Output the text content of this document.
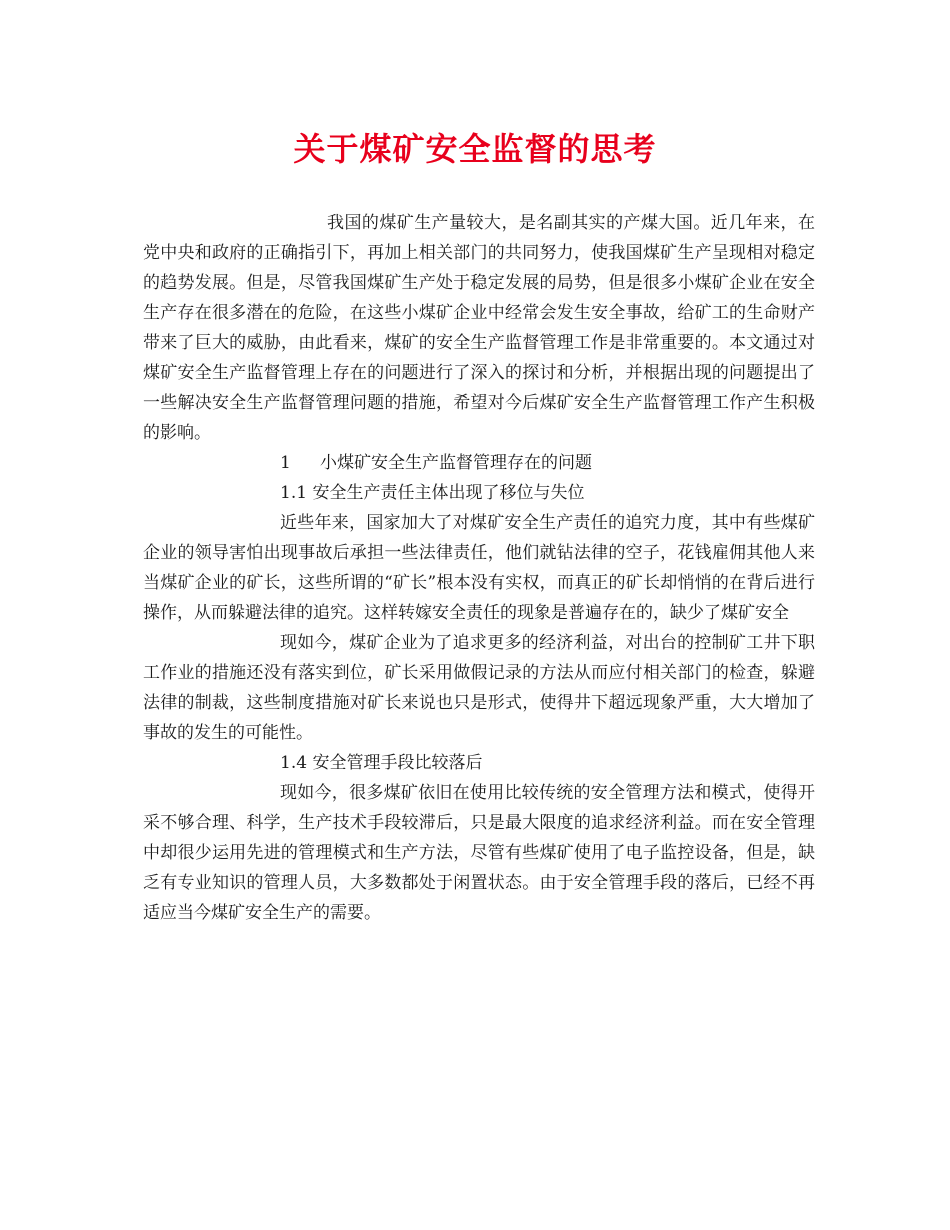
关于煤矿安全监督的思考

我国的煤矿生产量较大，是名副其实的产煤大国。近几年来，在党中央和政府的正确指引下，再加上相关部门的共同努力，使我国煤矿生产呈现相对稳定的趋势发展。但是，尽管我国煤矿生产处于稳定发展的局势，但是很多小煤矿企业在安全生产存在很多潜在的危险，在这些小煤矿企业中经常会发生安全事故，给矿工的生命财产带来了巨大的威胁，由此看来，煤矿的安全生产监督管理工作是非常重要的。本文通过对煤矿安全生产监督管理上存在的问题进行了深入的探讨和分析，并根据出现的问题提出了一些解决安全生产监督管理问题的措施，希望对今后煤矿安全生产监督管理工作产生积极的影响。

1 小煤矿安全生产监督管理存在的问题

1.1 安全生产责任主体出现了移位与失位

近些年来，国家加大了对煤矿安全生产责任的追究力度，其中有些煤矿企业的领导害怕出现事故后承担一些法律责任，他们就钻法律的空子，花钱雇佣其他人来当煤矿企业的矿长，这些所谓的“矿长”根本没有实权，而真正的矿长却悄悄的在背后进行操作，从而躲避法律的追究。这样转嫁安全责任的现象是普遍存在的，缺少了煤矿安全

现如今，煤矿企业为了追求更多的经济利益，对出台的控制矿工井下职工作业的措施还没有落实到位，矿长采用做假记录的方法从而应付相关部门的检查，躲避法律的制裁，这些制度措施对矿长来说也只是形式，使得井下超远现象严重，大大增加了事故的发生的可能性。

1.4 安全管理手段比较落后

现如今，很多煤矿依旧在使用比较传统的安全管理方法和模式，使得开采不够合理、科学，生产技术手段较滞后，只是最大限度的追求经济利益。而在安全管理中却很少运用先进的管理模式和生产方法，尽管有些煤矿使用了电子监控设备，但是，缺乏有专业知识的管理人员，大多数都处于闲置状态。由于安全管理手段的落后，已经不再适应当今煤矿安全生产的需要。
